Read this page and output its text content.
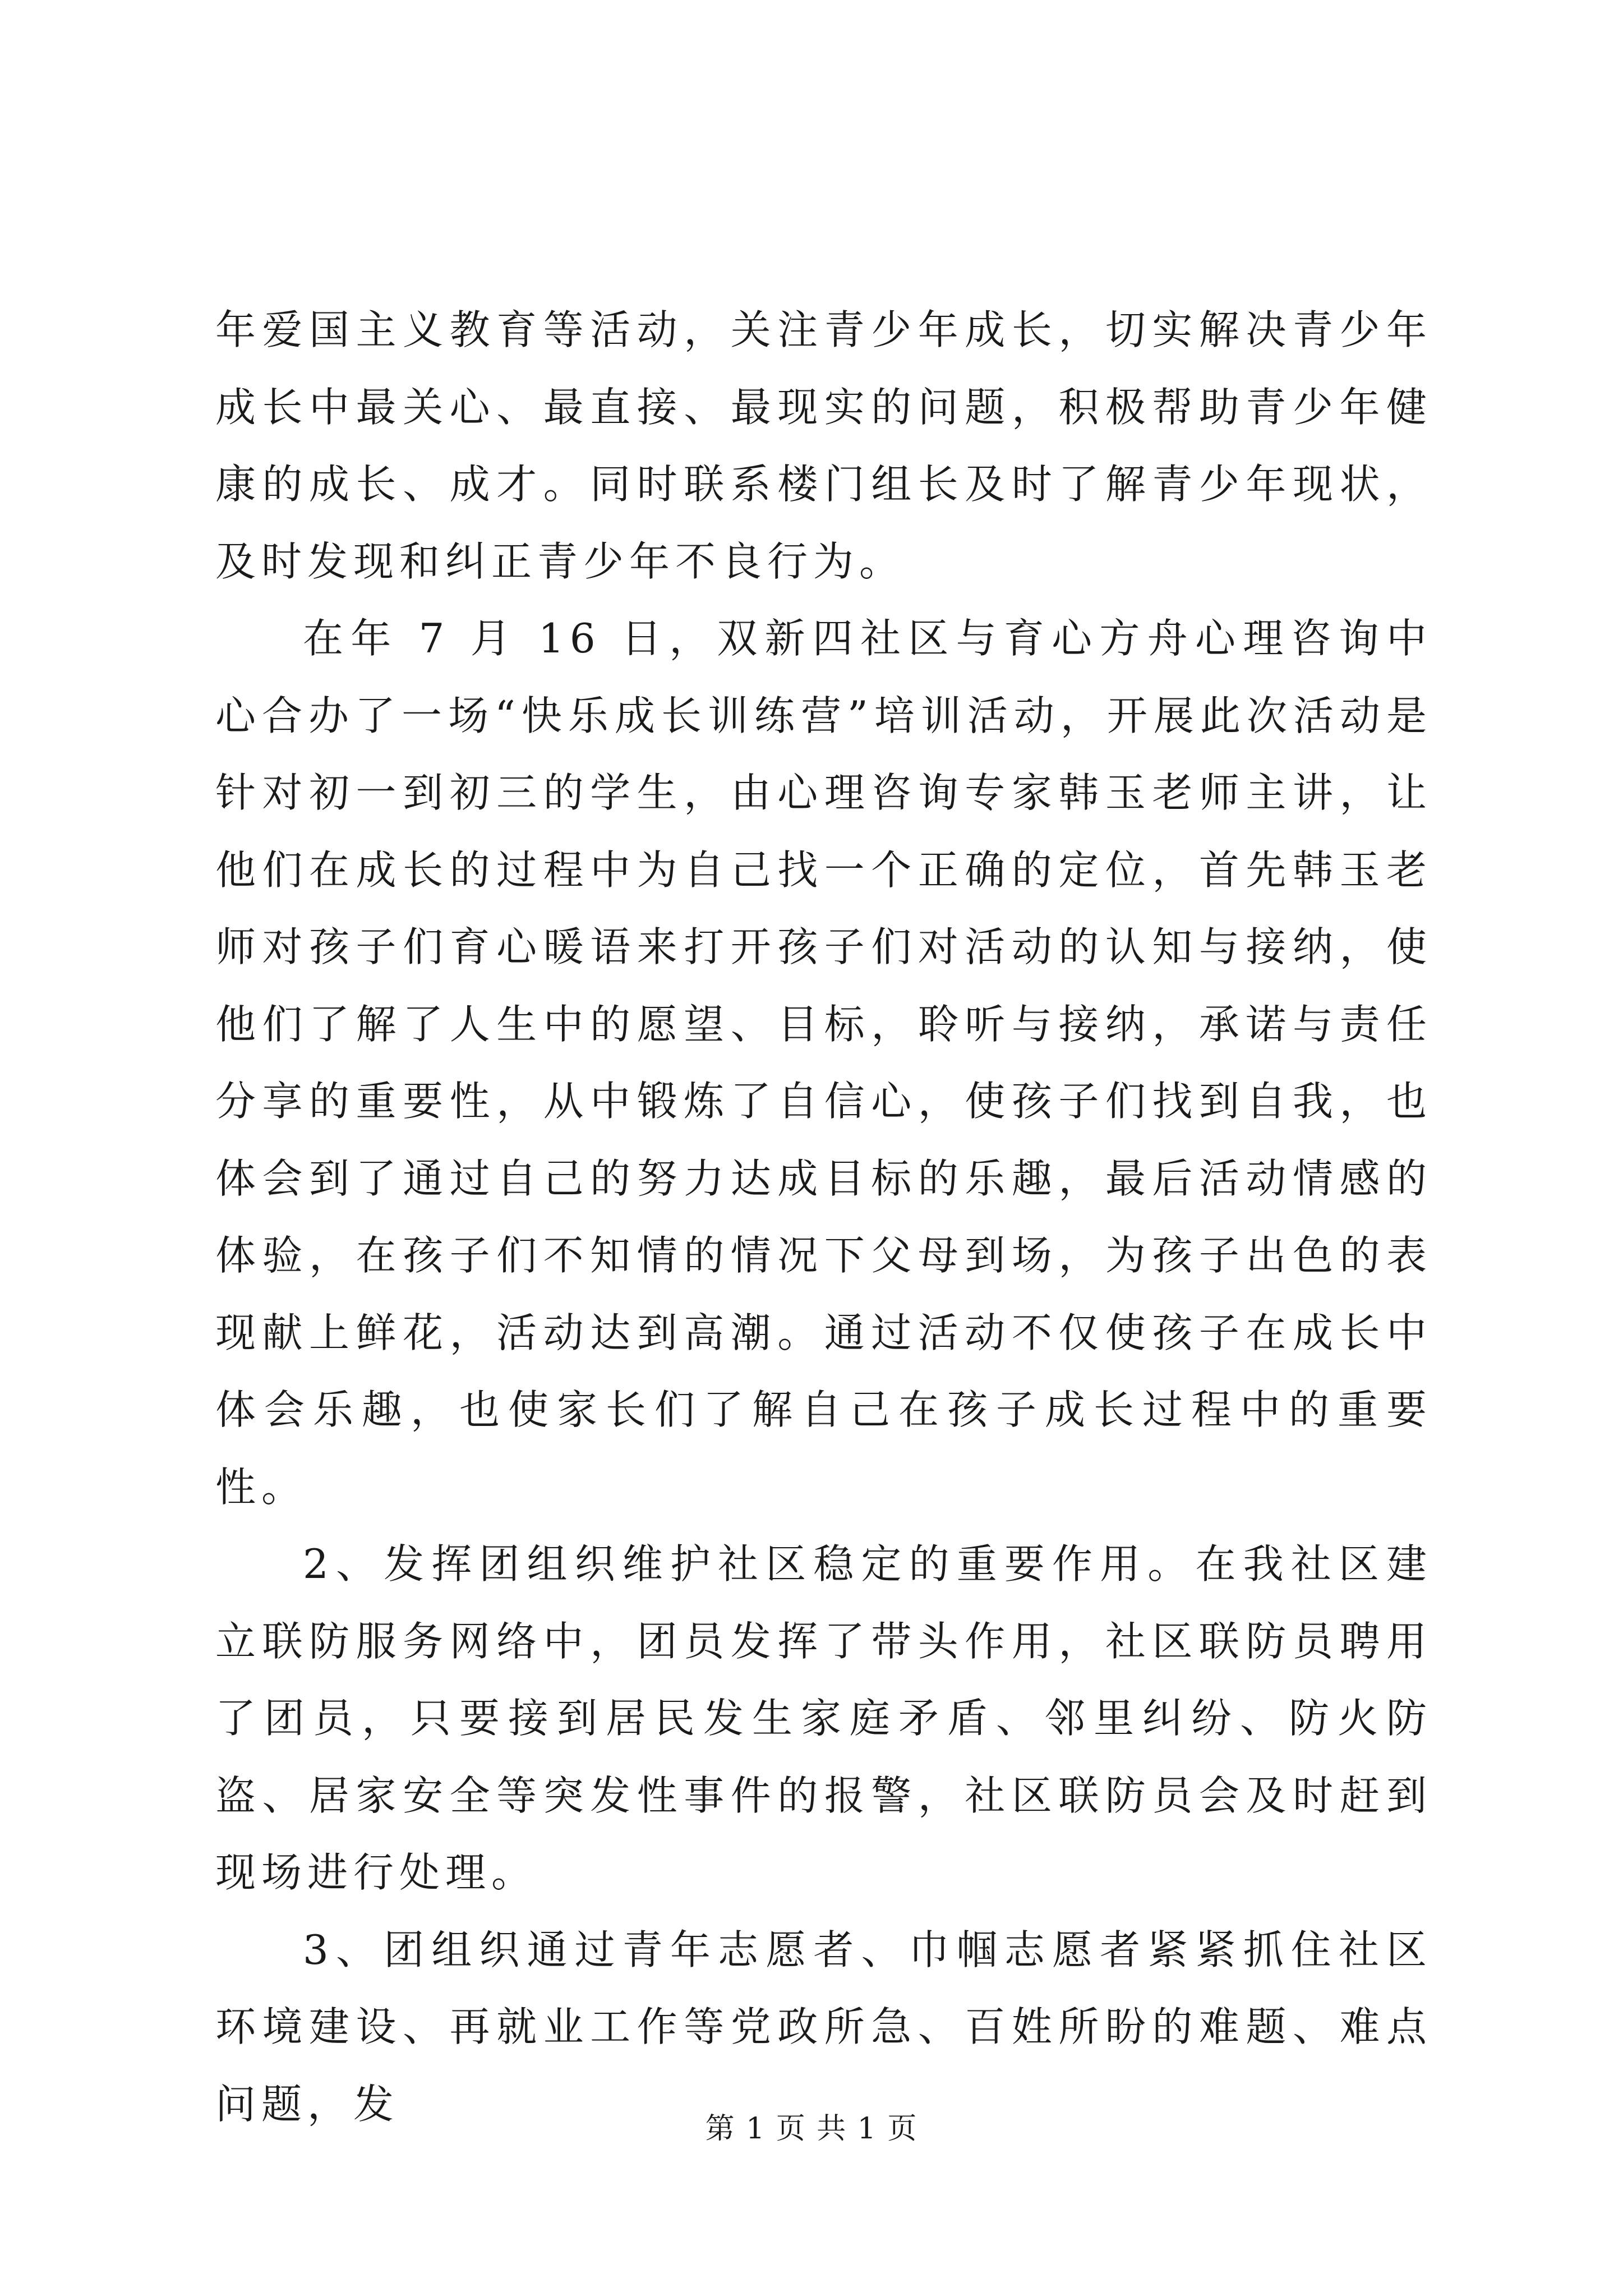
年爱国主义教育等活动，关注青少年成长，切实解决青少年成长中最关心、最直接、最现实的问题，积极帮助青少年健康的成长、成才。同时联系楼门组长及时了解青少年现状，及时发现和纠正青少年不良行为。

在年 7 月 16 日，双新四社区与育心方舟心理咨询中心合办了一场“快乐成长训练营”培训活动，开展此次活动是针对初一到初三的学生，由心理咨询专家韩玉老师主讲，让他们在成长的过程中为自己找一个正确的定位，首先韩玉老师对孩子们育心暖语来打开孩子们对活动的认知与接纳，使他们了解了人生中的愿望、目标，聆听与接纳，承诺与责任分享的重要性，从中锻炼了自信心，使孩子们找到自我，也体会到了通过自己的努力达成目标的乐趣，最后活动情感的体验，在孩子们不知情的情况下父母到场，为孩子出色的表现献上鲜花，活动达到高潮。通过活动不仅使孩子在成长中体会乐趣，也使家长们了解自己在孩子成长过程中的重要性。

2、发挥团组织维护社区稳定的重要作用。在我社区建立联防服务网络中，团员发挥了带头作用，社区联防员聘用了团员，只要接到居民发生家庭矛盾、邻里纠纷、防火防盗、居家安全等突发性事件的报警，社区联防员会及时赶到现场进行处理。

3、团组织通过青年志愿者、巾帼志愿者紧紧抓住社区环境建设、再就业工作等党政所急、百姓所盼的难题、难点问题，发

第 1 页 共 1 页
